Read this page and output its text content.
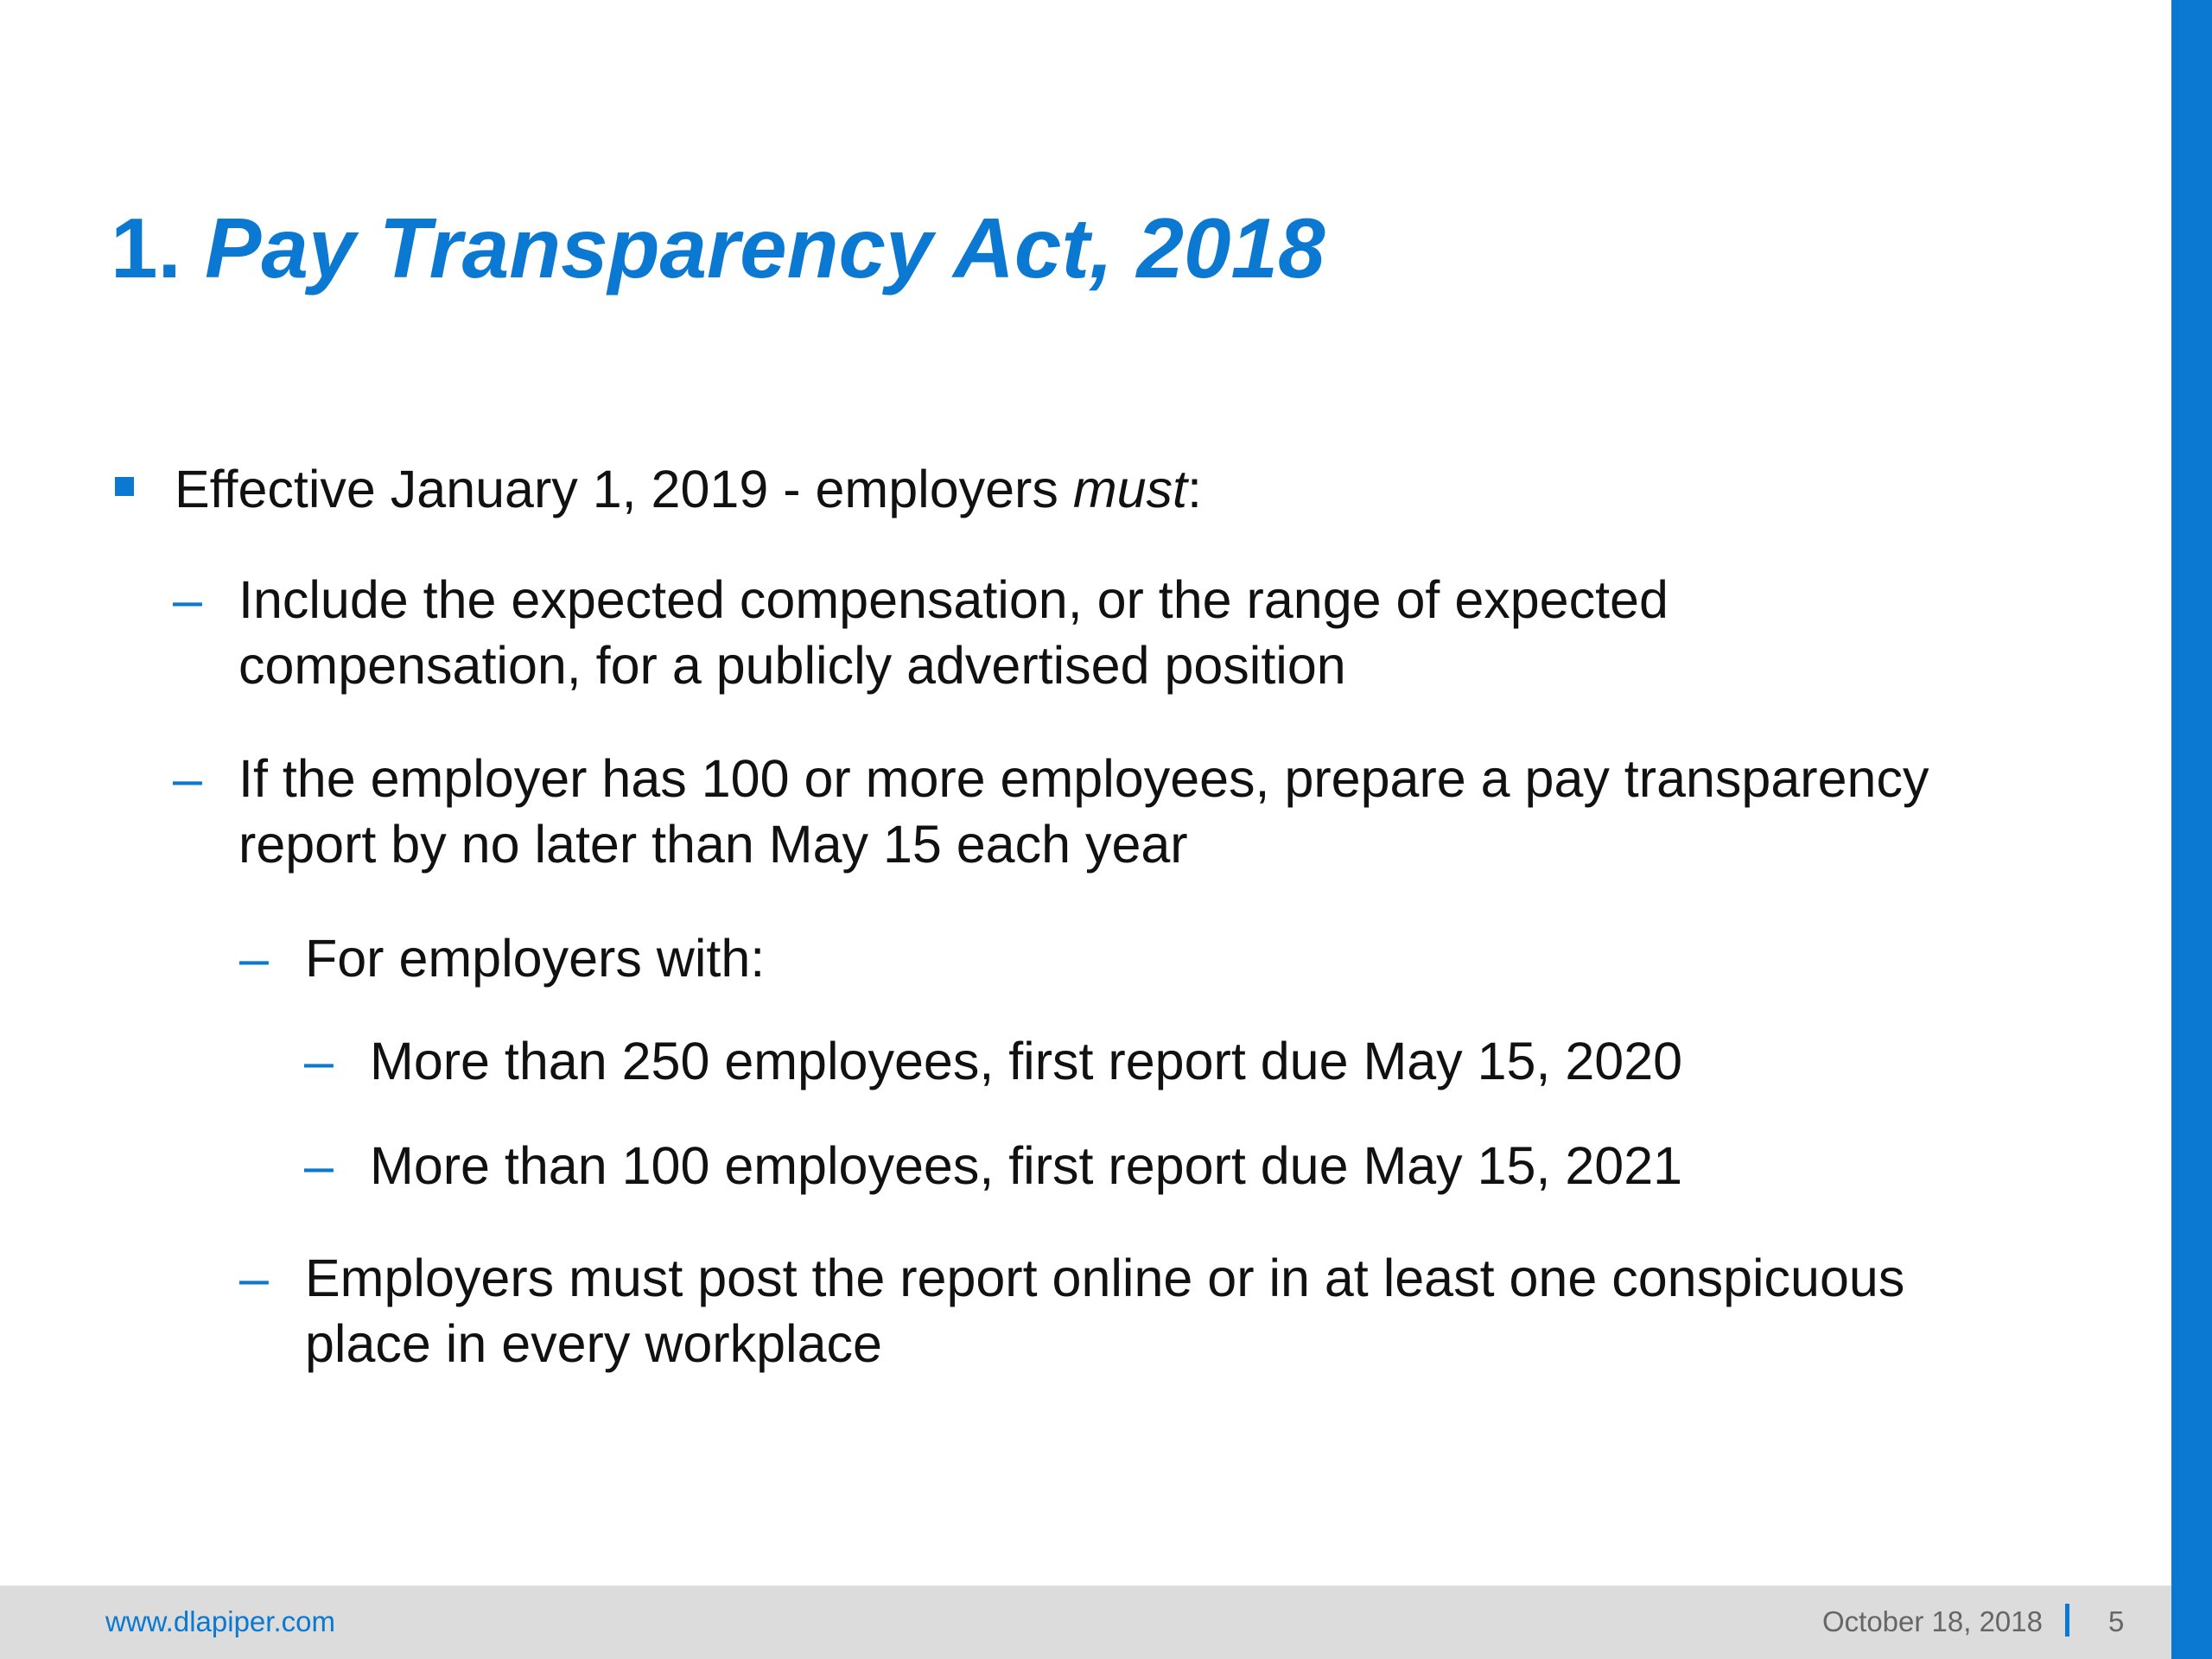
1. Pay Transparency Act, 2018
Effective January 1, 2019 - employers must:
– Include the expected compensation, or the range of expected
compensation, for a publicly advertised position
– If the employer has 100 or more employees, prepare a pay transparency
report by no later than May 15 each year
– For employers with:
– More than 250 employees, first report due May 15, 2020
– More than 100 employees, first report due May 15, 2021
– Employers must post the report online or in at least one conspicuous
place in every workplace
www.dlapiper.com	October 18, 2018 5
